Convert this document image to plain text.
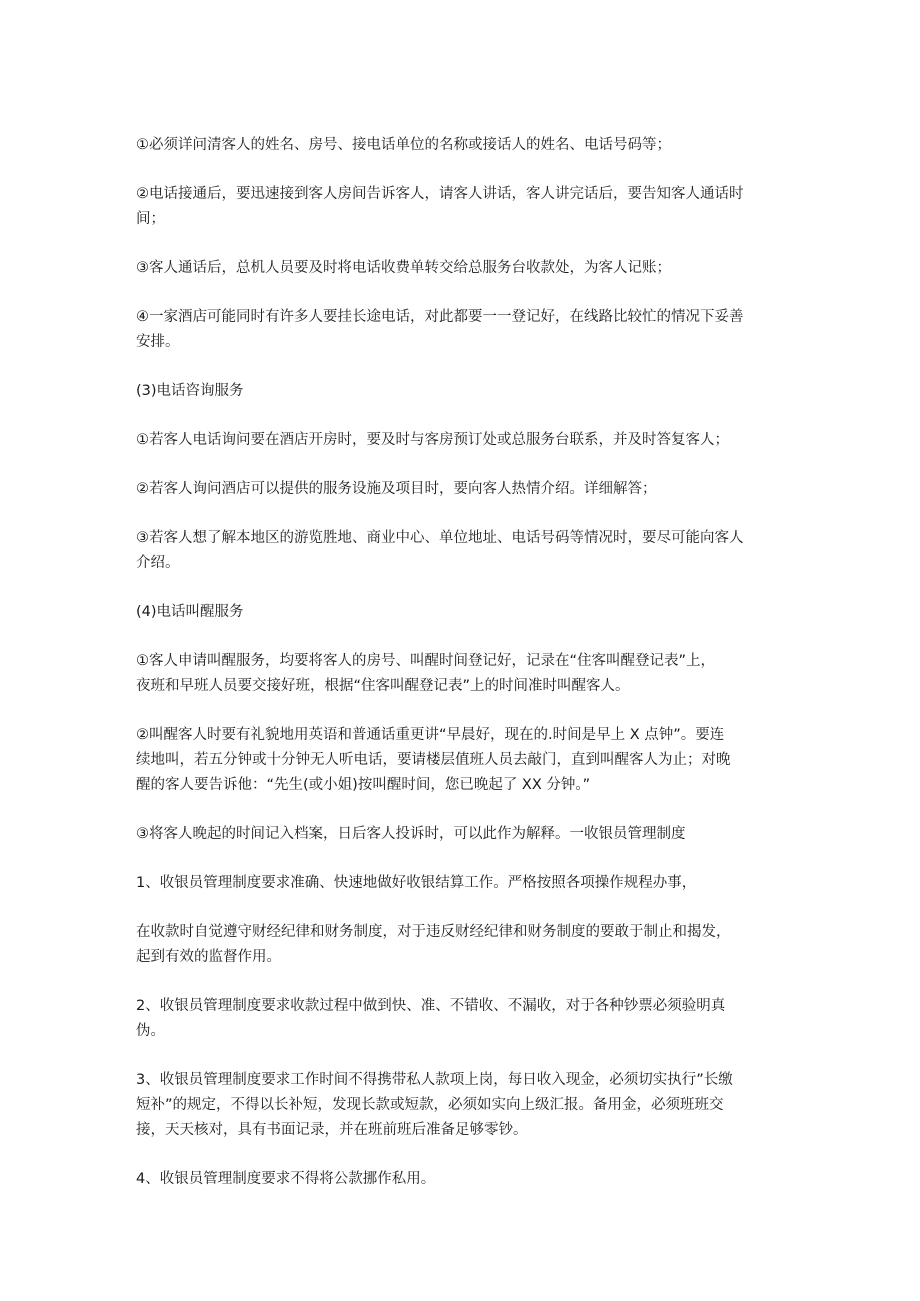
①必须详问清客人的姓名、房号、接电话单位的名称或接话人的姓名、电话号码等；
②电话接通后，要迅速接到客人房间告诉客人，请客人讲话，客人讲完话后，要告知客人通话时
间；
③客人通话后，总机人员要及时将电话收费单转交给总服务台收款处，为客人记账；
④一家酒店可能同时有许多人要挂长途电话，对此都要一一登记好，在线路比较忙的情况下妥善
安排。
(3)电话咨询服务
①若客人电话询问要在酒店开房时，要及时与客房预订处或总服务台联系，并及时答复客人；
②若客人询问酒店可以提供的服务设施及项目时，要向客人热情介绍。详细解答；
③若客人想了解本地区的游览胜地、商业中心、单位地址、电话号码等情况时，要尽可能向客人
介绍。
(4)电话叫醒服务
①客人申请叫醒服务，均要将客人的房号、叫醒时间登记好，记录在“住客叫醒登记表”上，
夜班和早班人员要交接好班，根据“住客叫醒登记表”上的时间准时叫醒客人。
②叫醒客人时要有礼貌地用英语和普通话重更讲“早晨好，现在的.时间是早上 X 点钟”。要连
续地叫，若五分钟或十分钟无人听电话，要请楼层值班人员去敲门，直到叫醒客人为止；对晚
醒的客人要告诉他：“先生(或小姐)按叫醒时间，您已晚起了 XX 分钟。”
③将客人晚起的时间记入档案，日后客人投诉时，可以此作为解释。一收银员管理制度
1、收银员管理制度要求准确、快速地做好收银结算工作。严格按照各项操作规程办事，
在收款时自觉遵守财经纪律和财务制度，对于违反财经纪律和财务制度的要敢于制止和揭发，
起到有效的监督作用。
2、收银员管理制度要求收款过程中做到快、准、不错收、不漏收，对于各种钞票必须验明真
伪。
3、收银员管理制度要求工作时间不得携带私人款项上岗，每日收入现金，必须切实执行”长缴
短补”的规定，不得以长补短，发现长款或短款，必须如实向上级汇报。备用金，必须班班交
接，天天核对，具有书面记录，并在班前班后准备足够零钞。
4、收银员管理制度要求不得将公款挪作私用。
